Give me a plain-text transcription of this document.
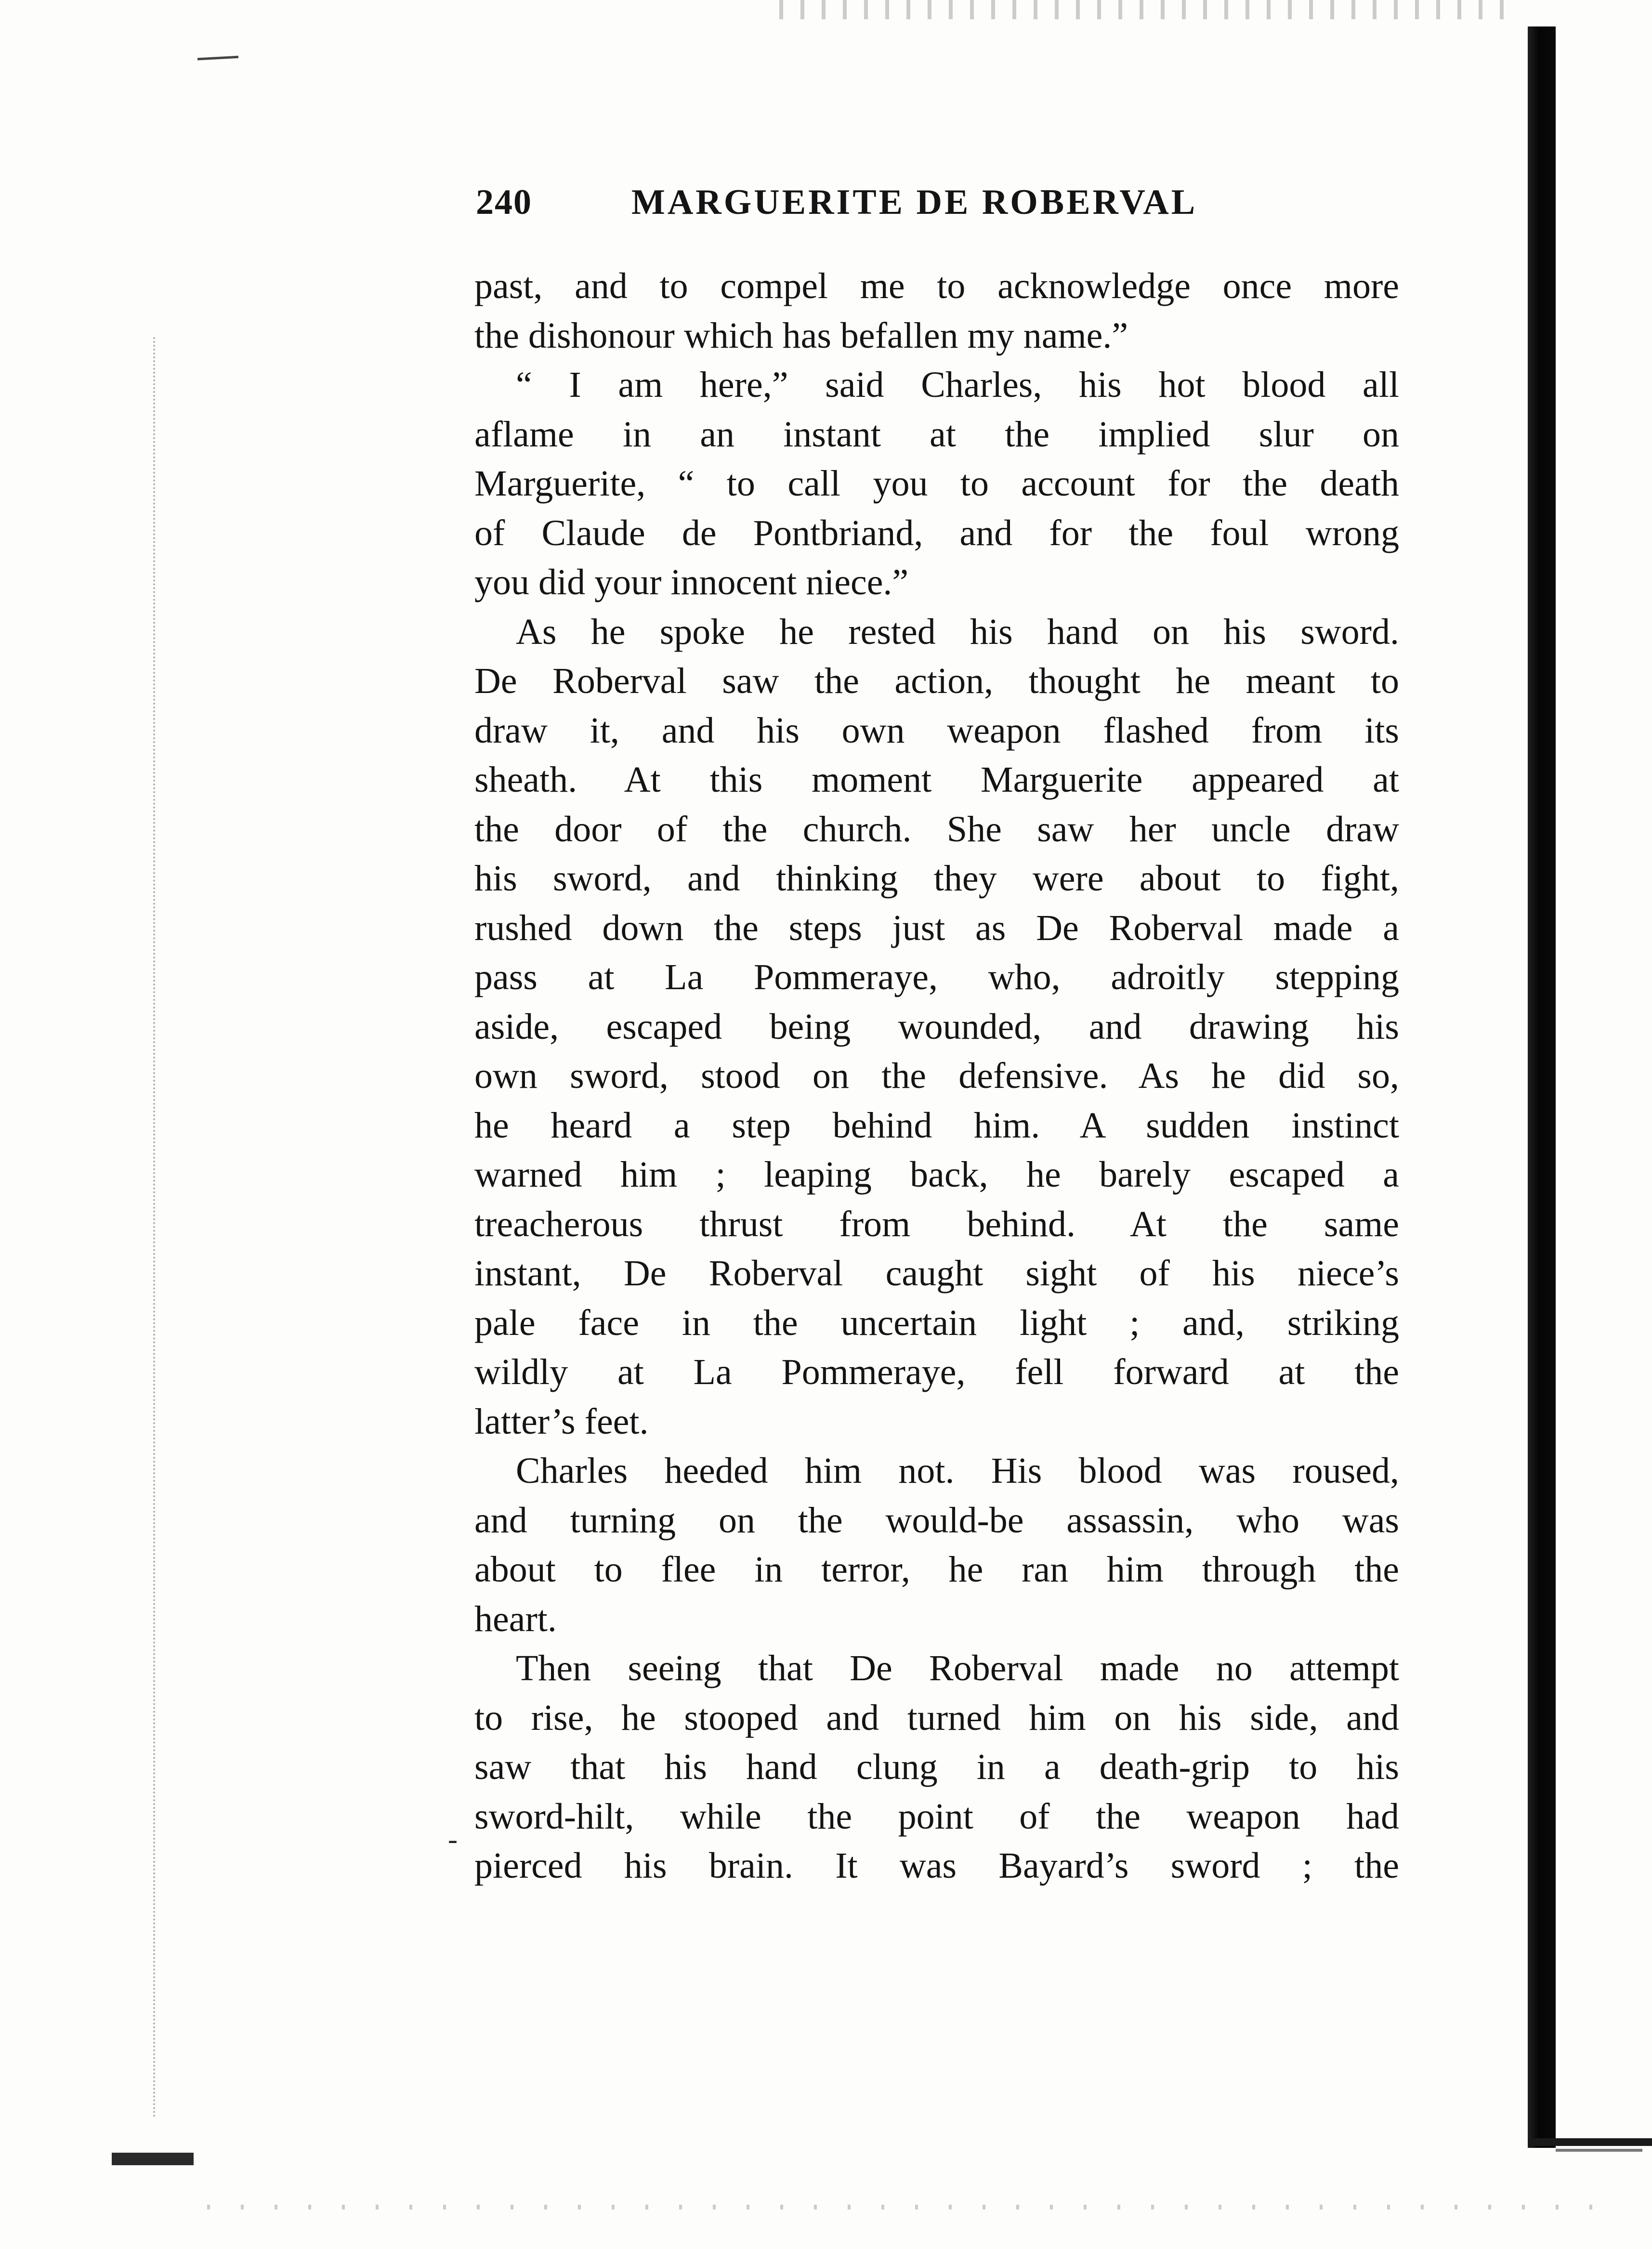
240	MARGUERITE DE ROBERVAL
past, and to compel me to acknowledge once more
the dishonour which has befallen my name.”
“ I am here,” said Charles, his hot blood all
aflame in an instant at the implied slur on
Marguerite, “ to call you to account for the death
of Claude de Pontbriand, and for the foul wrong
you did your innocent niece.”
As he spoke he rested his hand on his sword.
De Roberval saw the action, thought he meant to
draw it, and his own weapon flashed from its
sheath. At this moment Marguerite appeared at
the door of the church. She saw her uncle draw
his sword, and thinking they were about to fight,
rushed down the steps just as De Roberval made a
pass at La Pommeraye, who, adroitly stepping
aside, escaped being wounded, and drawing his
own sword, stood on the defensive. As he did so,
he heard a step behind him. A sudden instinct
warned him ; leaping back, he barely escaped a
treacherous thrust from behind. At the same
instant, De Roberval caught sight of his niece’s
pale face in the uncertain light ; and, striking
wildly at La Pommeraye, fell forward at the
latter’s feet.
Charles heeded him not. His blood was roused,
and turning on the would-be assassin, who was
about to flee in terror, he ran him through the
heart.
Then seeing that De Roberval made no attempt
to rise, he stooped and turned him on his side, and
saw that his hand clung in a death-grip to his
sword-hilt, while the point of the weapon had
pierced his brain. It was Bayard’s sword ; the
-
